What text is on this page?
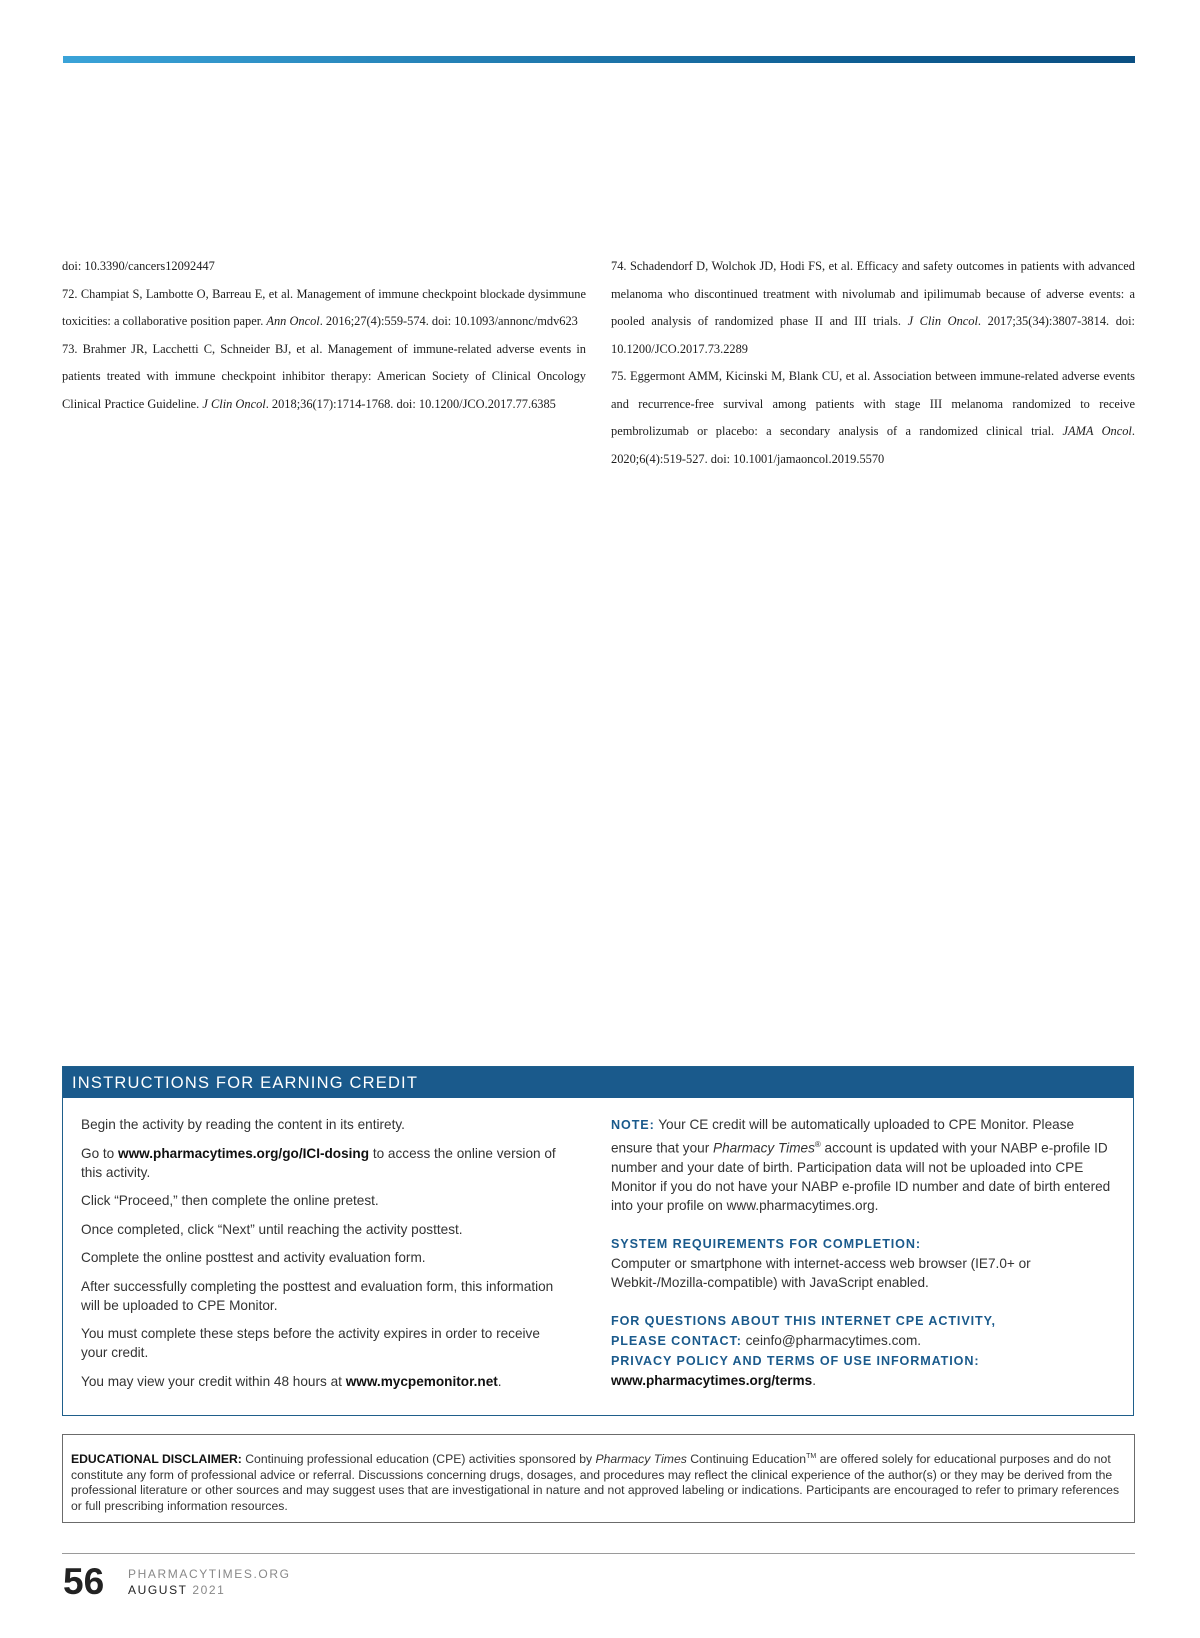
doi: 10.3390/cancers12092447

72. Champiat S, Lambotte O, Barreau E, et al. Management of immune checkpoint blockade dysimmune toxicities: a collaborative position paper. Ann Oncol. 2016;27(4):559-574. doi: 10.1093/annonc/mdv623

73. Brahmer JR, Lacchetti C, Schneider BJ, et al. Management of immune-related adverse events in patients treated with immune checkpoint inhibitor therapy: American Society of Clinical Oncology Clinical Practice Guideline. J Clin Oncol. 2018;36(17):1714-1768. doi: 10.1200/JCO.2017.77.6385

74. Schadendorf D, Wolchok JD, Hodi FS, et al. Efficacy and safety outcomes in patients with advanced melanoma who discontinued treatment with nivolumab and ipilimumab because of adverse events: a pooled analysis of randomized phase II and III trials. J Clin Oncol. 2017;35(34):3807-3814. doi: 10.1200/JCO.2017.73.2289

75. Eggermont AMM, Kicinski M, Blank CU, et al. Association between immune-related adverse events and recurrence-free survival among patients with stage III melanoma randomized to receive pembrolizumab or placebo: a secondary analysis of a randomized clinical trial. JAMA Oncol. 2020;6(4):519-527. doi: 10.1001/jamaoncol.2019.5570

INSTRUCTIONS FOR EARNING CREDIT

Begin the activity by reading the content in its entirety.

Go to www.pharmacytimes.org/go/ICI-dosing to access the online version of this activity.

Click “Proceed,” then complete the online pretest.

Once completed, click “Next” until reaching the activity posttest.

Complete the online posttest and activity evaluation form.

After successfully completing the posttest and evaluation form, this information will be uploaded to CPE Monitor.

You must complete these steps before the activity expires in order to receive your credit.

You may view your credit within 48 hours at www.mycpemonitor.net.

NOTE: Your CE credit will be automatically uploaded to CPE Monitor. Please ensure that your Pharmacy Times® account is updated with your NABP e-profile ID number and your date of birth. Participation data will not be uploaded into CPE Monitor if you do not have your NABP e-profile ID number and date of birth entered into your profile on www.pharmacytimes.org.

SYSTEM REQUIREMENTS FOR COMPLETION:

Computer or smartphone with internet-access web browser (IE7.0+ or Webkit-/Mozilla-compatible) with JavaScript enabled.

FOR QUESTIONS ABOUT THIS INTERNET CPE ACTIVITY,

PLEASE CONTACT: ceinfo@pharmacytimes.com.

PRIVACY POLICY AND TERMS OF USE INFORMATION:

www.pharmacytimes.org/terms.

EDUCATIONAL DISCLAIMER: Continuing professional education (CPE) activities sponsored by Pharmacy Times Continuing Education™ are offered solely for educational purposes and do not constitute any form of professional advice or referral. Discussions concerning drugs, dosages, and procedures may reflect the clinical experience of the author(s) or they may be derived from the professional literature or other sources and may suggest uses that are investigational in nature and not approved labeling or indications. Participants are encouraged to refer to primary references or full prescribing information resources.
56 PHARMACYTIMES.ORG
AUGUST 2021
